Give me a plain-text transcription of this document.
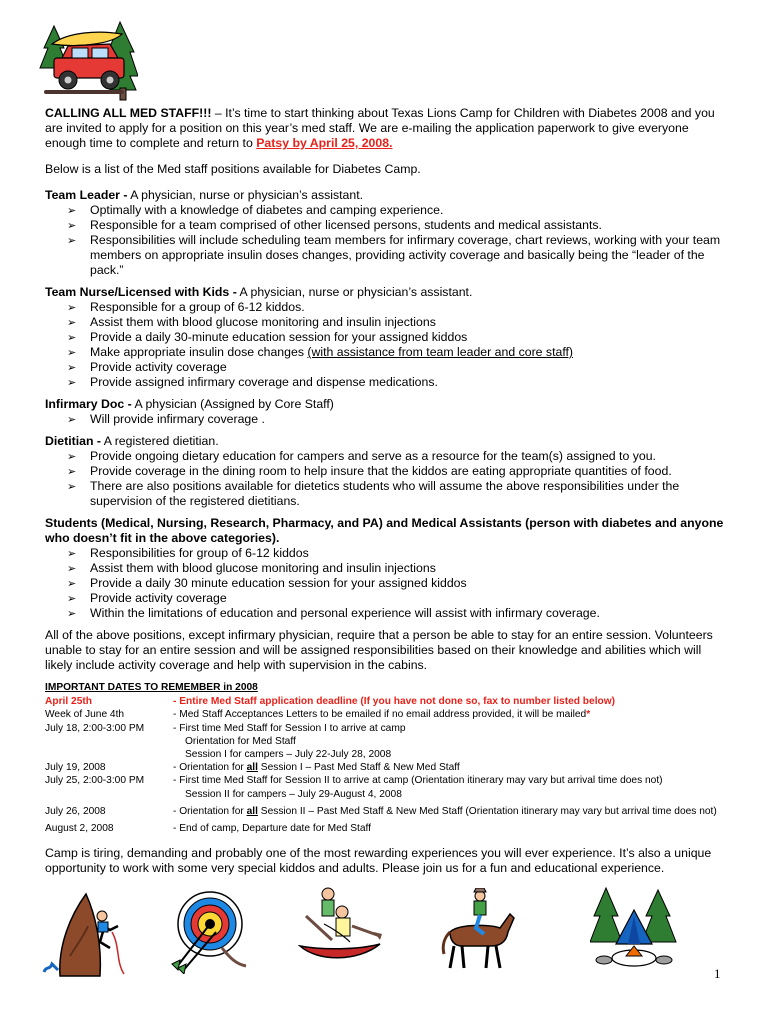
CALLING ALL MED STAFF!!! – It’s time to start thinking about Texas Lions Camp for Children with Diabetes 2008 and you are invited to apply for a position on this year’s med staff. We are e-mailing the application paperwork to give everyone enough time to complete and return to Patsy by April 25, 2008.

Below is a list of the Med staff positions available for Diabetes Camp.

Team Leader - A physician, nurse or physician’s assistant.

➢ Optimally with a knowledge of diabetes and camping experience.
➢ Responsible for a team comprised of other licensed persons, students and medical assistants.
➢ Responsibilities will include scheduling team members for infirmary coverage, chart reviews, working with your team members on appropriate insulin doses changes, providing activity coverage and basically being the “leader of the pack.”

Team Nurse/Licensed with Kids - A physician, nurse or physician’s assistant.

➢ Responsible for a group of 6-12 kiddos.
➢ Assist them with blood glucose monitoring and insulin injections
➢ Provide a daily 30-minute education session for your assigned kiddos
➢ Make appropriate insulin dose changes (with assistance from team leader and core staff)
➢ Provide activity coverage
➢ Provide assigned infirmary coverage and dispense medications.

Infirmary Doc - A physician (Assigned by Core Staff)

➢ Will provide infirmary coverage .

Dietitian - A registered dietitian.

➢ Provide ongoing dietary education for campers and serve as a resource for the team(s) assigned to you.
➢ Provide coverage in the dining room to help insure that the kiddos are eating appropriate quantities of food.
➢ There are also positions available for dietetics students who will assume the above responsibilities under the supervision of the registered dietitians.

Students (Medical, Nursing, Research, Pharmacy, and PA) and Medical Assistants (person with diabetes and anyone who doesn’t fit in the above categories).

➢ Responsibilities for group of 6-12 kiddos
➢ Assist them with blood glucose monitoring and insulin injections
➢ Provide a daily 30 minute education session for your assigned kiddos
➢ Provide activity coverage
➢ Within the limitations of education and personal experience will assist with infirmary coverage.

All of the above positions, except infirmary physician, require that a person be able to stay for an entire session. Volunteers unable to stay for an entire session and will be assigned responsibilities based on their knowledge and abilities which will likely include activity coverage and help with supervision in the cabins.

IMPORTANT DATES TO REMEMBER in 2008
April 25th	- Entire Med Staff application deadline (If you have not done so, fax to number listed below)
Week of June 4th	- Med Staff Acceptances Letters to be emailed if no email address provided, it will be mailed*
July 18, 2:00-3:00 PM	- First time Med Staff for Session I to arrive at camp
Orientation for Med Staff
Session I for campers – July 22-July 28, 2008
July 19, 2008	- Orientation for all Session I – Past Med Staff & New Med Staff
July 25, 2:00-3:00 PM	- First time Med Staff for Session II to arrive at camp (Orientation itinerary may vary but arrival time does not)
Session II for campers – July 29-August 4, 2008
July 26, 2008	- Orientation for all Session II – Past Med Staff & New Med Staff (Orientation itinerary may vary but arrival time does not)
August 2, 2008	- End of camp, Departure date for Med Staff

Camp is tiring, demanding and probably one of the most rewarding experiences you will ever experience. It’s also a unique opportunity to work with some very special kiddos and adults. Please join us for a fun and educational experience.

1
